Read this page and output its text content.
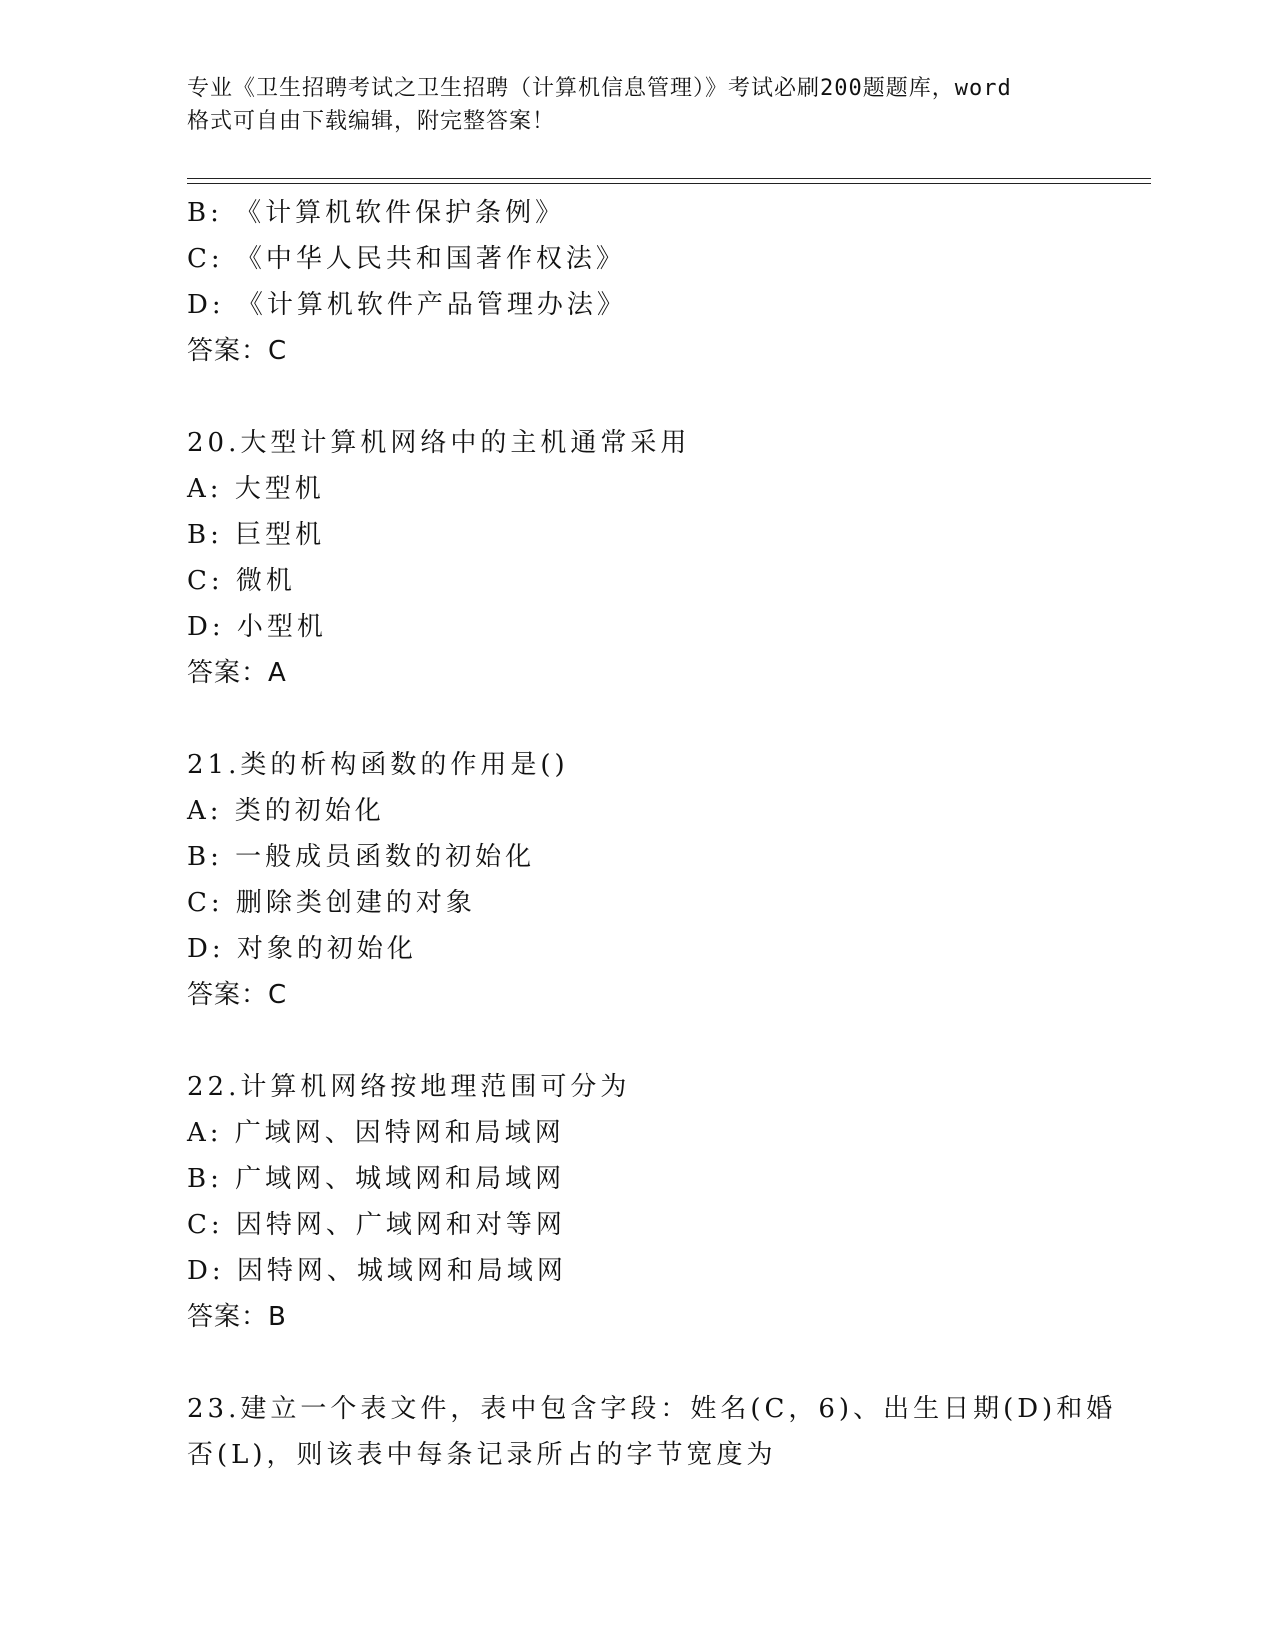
专业《卫生招聘考试之卫生招聘（计算机信息管理）》考试必刷200题题库，word
格式可自由下载编辑，附完整答案！
B: 《计算机软件保护条例》
C: 《中华人民共和国著作权法》
D: 《计算机软件产品管理办法》
答案：C
20.大型计算机网络中的主机通常采用
A: 大型机
B: 巨型机
C: 微机
D: 小型机
答案：A
21.类的析构函数的作用是()
A: 类的初始化
B: 一般成员函数的初始化
C: 删除类创建的对象
D: 对象的初始化
答案：C
22.计算机网络按地理范围可分为
A: 广域网、因特网和局域网
B: 广域网、城域网和局域网
C: 因特网、广域网和对等网
D: 因特网、城域网和局域网
答案：B
23.建立一个表文件，表中包含字段：姓名(C，6)、出生日期(D)和婚
否(L)，则该表中每条记录所占的字节宽度为
